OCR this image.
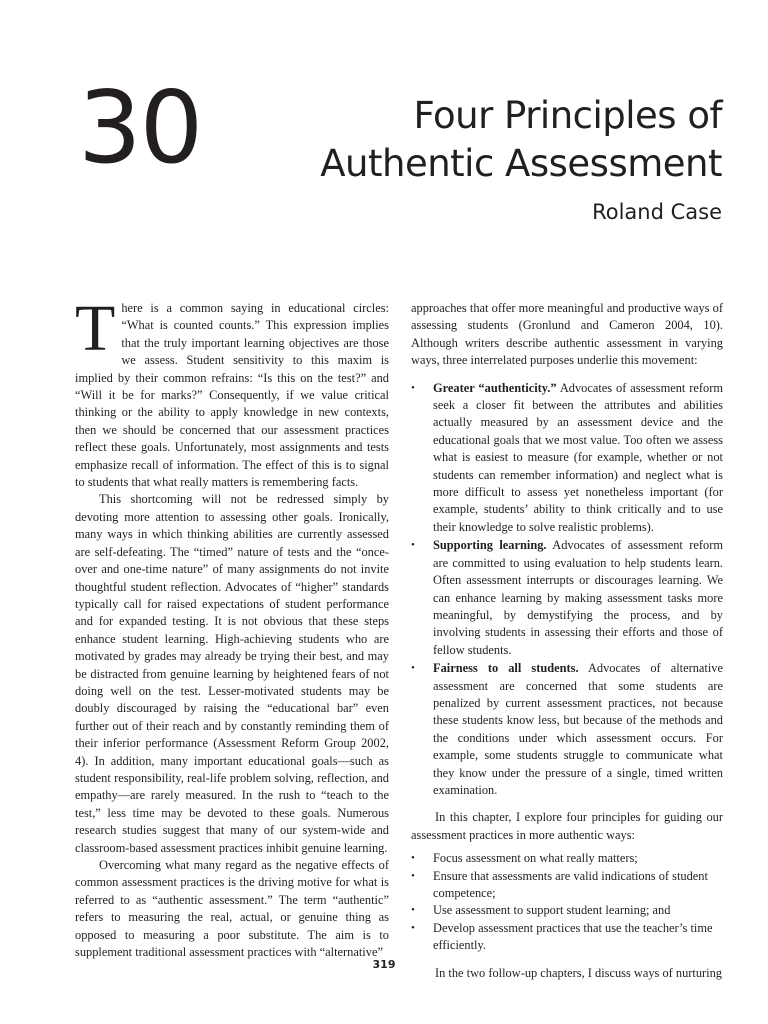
30	Four Principles of
Authentic Assessment
Roland Case

There is a common saying in educational circles: “What is counted counts.” This expression implies that the truly important learning objectives are those we assess. Student sensitivity to this maxim is implied by their common refrains: “Is this on the test?” and “Will it be for marks?” Consequently, if we value critical thinking or the ability to apply knowledge in new contexts, then we should be concerned that our assessment practices reflect these goals. Unfortunately, most assignments and tests emphasize recall of information. The effect of this is to signal to students that what really matters is remembering facts.

This shortcoming will not be redressed simply by devoting more attention to assessing other goals. Ironically, many ways in which thinking abilities are currently assessed are self-defeating. The “timed” nature of tests and the “once-over and one-time nature” of many assignments do not invite thoughtful student reflection. Advocates of “higher” standards typically call for raised expectations of student performance and for expanded testing. It is not obvious that these steps enhance student learning. High-achieving students who are motivated by grades may already be trying their best, and may be distracted from genuine learning by heightened fears of not doing well on the test. Lesser-motivated students may be doubly discouraged by raising the “educational bar” even further out of their reach and by constantly reminding them of their inferior performance (Assessment Reform Group 2002, 4). In addition, many important educational goals—such as student responsibility, real-life problem solving, reflection, and empathy—are rarely measured. In the rush to “teach to the test,” less time may be devoted to these goals. Numerous research studies suggest that many of our system-wide and classroom-based assessment practices inhibit genuine learning.

Overcoming what many regard as the negative effects of common assessment practices is the driving motive for what is referred to as “authentic assessment.” The term “authentic” refers to measuring the real, actual, or genuine thing as opposed to measuring a poor substitute. The aim is to supplement traditional assessment practices with “alternative”

approaches that offer more meaningful and productive ways of assessing students (Gronlund and Cameron 2004, 10). Although writers describe authentic assessment in varying ways, three interrelated purposes underlie this movement:

• Greater “authenticity.” Advocates of assessment reform seek a closer fit between the attributes and abilities actually measured by an assessment device and the educational goals that we most value. Too often we assess what is easiest to measure (for example, whether or not students can remember information) and neglect what is more difficult to assess yet nonetheless important (for example, students’ ability to think critically and to use their knowledge to solve realistic problems).
• Supporting learning. Advocates of assessment reform are committed to using evaluation to help students learn. Often assessment interrupts or discourages learning. We can enhance learning by making assessment tasks more meaningful, by demystifying the process, and by involving students in assessing their efforts and those of fellow students.
• Fairness to all students. Advocates of alternative assessment are concerned that some students are penalized by current assessment practices, not because these students know less, but because of the methods and the conditions under which assessment occurs. For example, some students struggle to communicate what they know under the pressure of a single, timed written examination.

In this chapter, I explore four principles for guiding our assessment practices in more authentic ways:

• Focus assessment on what really matters;
• Ensure that assessments are valid indications of student competence;
• Use assessment to support student learning; and
• Develop assessment practices that use the teacher’s time efficiently.

In the two follow-up chapters, I discuss ways of nurturing

319
